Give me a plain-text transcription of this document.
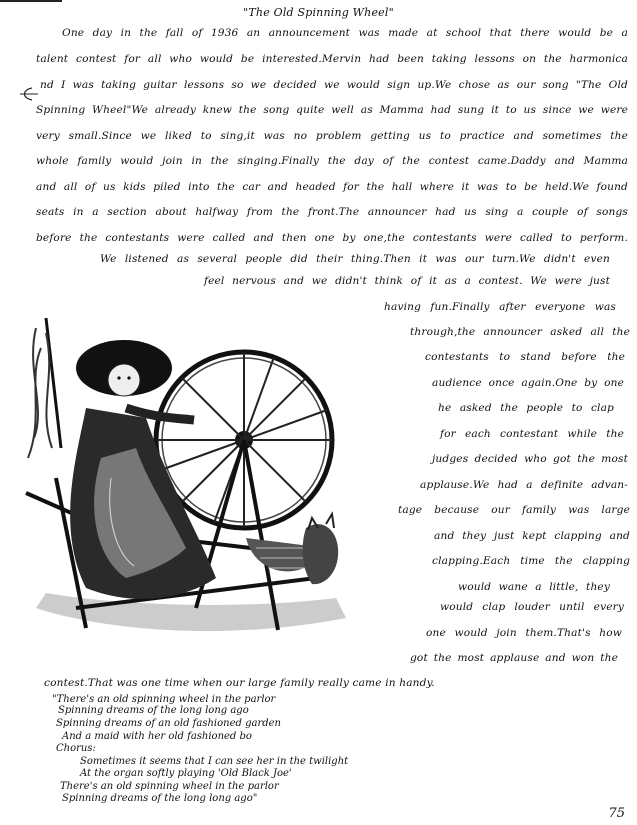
"The Old Spinning Wheel"
One day in the fall of 1936 an announcement was made at school that there would be a
talent contest for all who would be interested.Mervin had been taking lessons on the harmonica
nd I was taking guitar lessons so we decided we would sign up.We chose as our song "The Old
Spinning Wheel"We already knew the song quite well as Mamma had sung it to us since we were
very small.Since we liked to sing,it was no problem getting us to practice and sometimes the
whole family would join in the singing.Finally the day of the contest came.Daddy and Mamma
and all of us kids piled into the car and headed for the hall where it was to be held.We found
seats in a section about halfway from the front.The announcer had us sing a couple of songs
before the contestants were called and then one by one,the contestants were called to perform.
We listened as several people did their thing.Then it was our turn.We didn't even
feel nervous and we didn't think of it as a contest. We were just
having fun.Finally after everyone was
through,the announcer asked all the
contestants to stand before the
audience once again.One by one
he asked the people to clap
for each contestant while the
judges decided who got the most
applause.We had a definite advan-
tage because our family was large
and they just kept clapping and
clapping.Each time the clapping
would wane a little, they
would clap louder until every
one would join them.That's how
got the most applause and won the
contest.That was one time when our large family really came in handy.
"There's an old spinning wheel in the parlor
Spinning dreams of the long long ago
Spinning dreams of an old fashioned garden
And a maid with her old fashioned bo
Chorus:
Sometimes it seems that I can see her in the twilight
At the organ softly playing 'Old Black Joe'
There's an old spinning wheel in the parlor
Spinning dreams of the long long ago"
75
